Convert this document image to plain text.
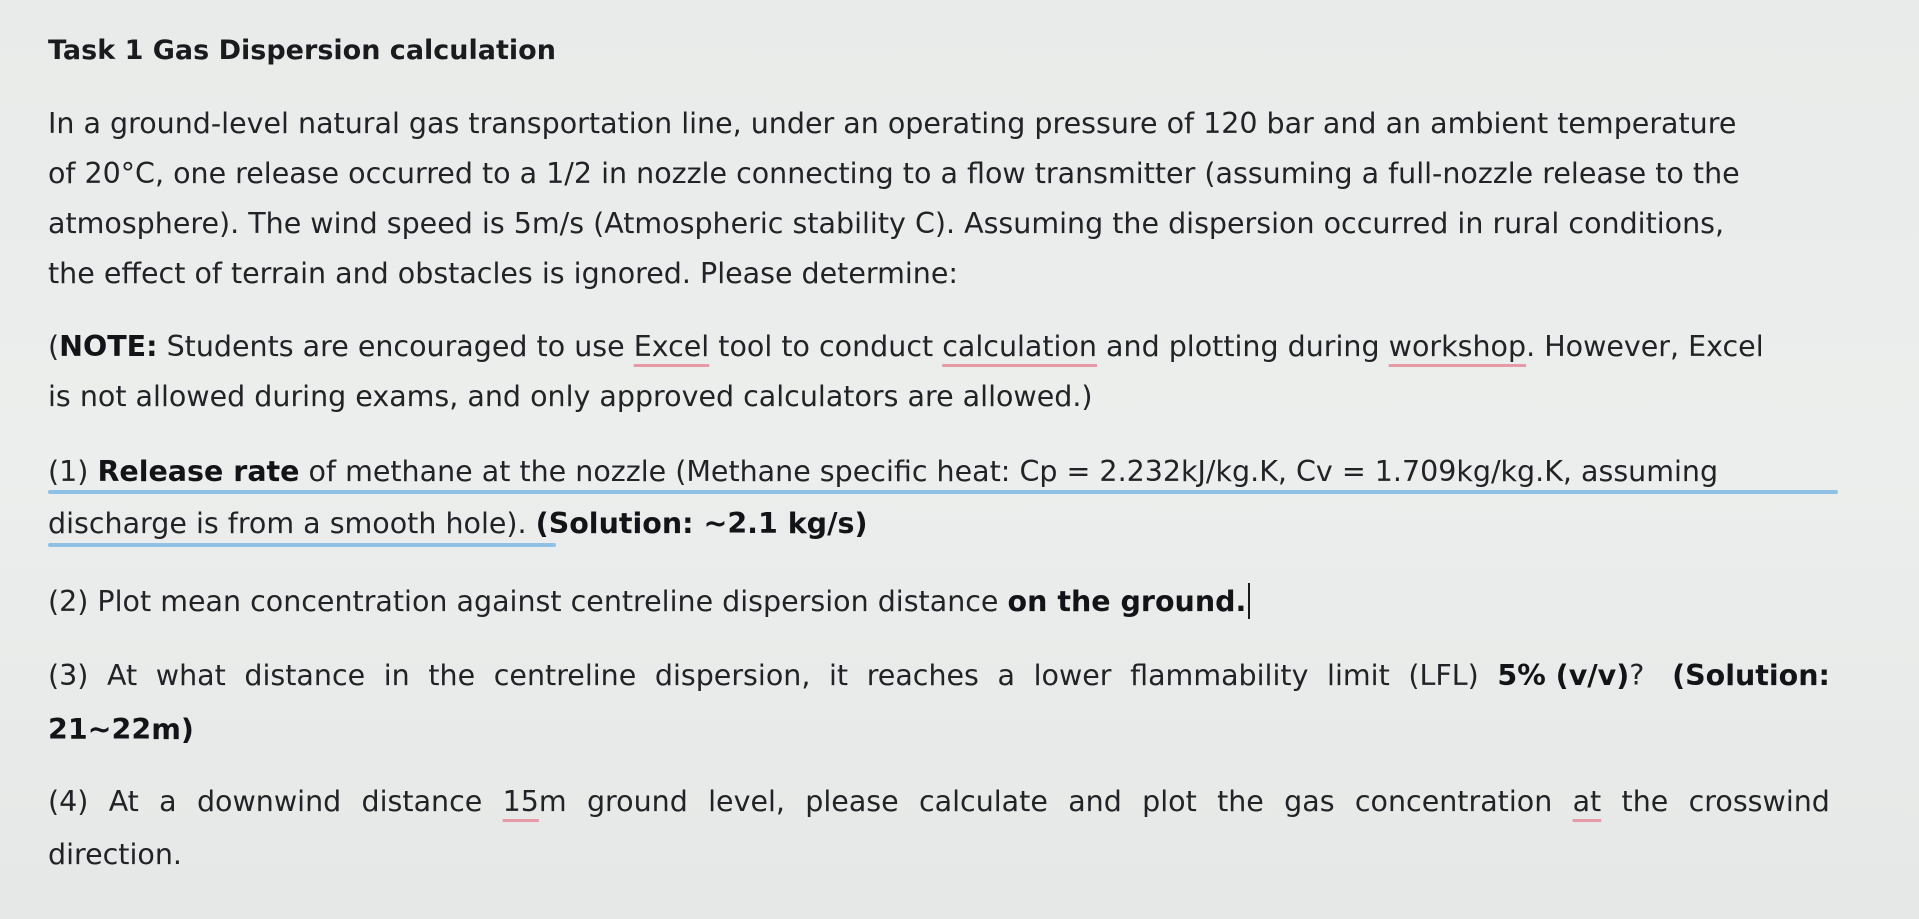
Task 1 Gas Dispersion calculation
In a ground-level natural gas transportation line, under an operating pressure of 120 bar and an ambient temperature
of 20°C, one release occurred to a 1/2 in nozzle connecting to a flow transmitter (assuming a full-nozzle release to the
atmosphere). The wind speed is 5m/s (Atmospheric stability C). Assuming the dispersion occurred in rural conditions,
the effect of terrain and obstacles is ignored. Please determine:
(NOTE: Students are encouraged to use Excel tool to conduct calculation and plotting during workshop. However, Excel
is not allowed during exams, and only approved calculators are allowed.)
(1) Release rate of methane at the nozzle (Methane specific heat: Cp = 2.232kJ/kg.K, Cv = 1.709kg/kg.K, assuming
discharge is from a smooth hole). (Solution: ~2.1 kg/s)
(2) Plot mean concentration against centreline dispersion distance on the ground.
(3) At what distance in the centreline dispersion, it reaches a lower flammability limit (LFL) 5% (v/v)? (Solution:
21~22m)
(4) At a downwind distance 15m ground level, please calculate and plot the gas concentration at the crosswind
direction.
